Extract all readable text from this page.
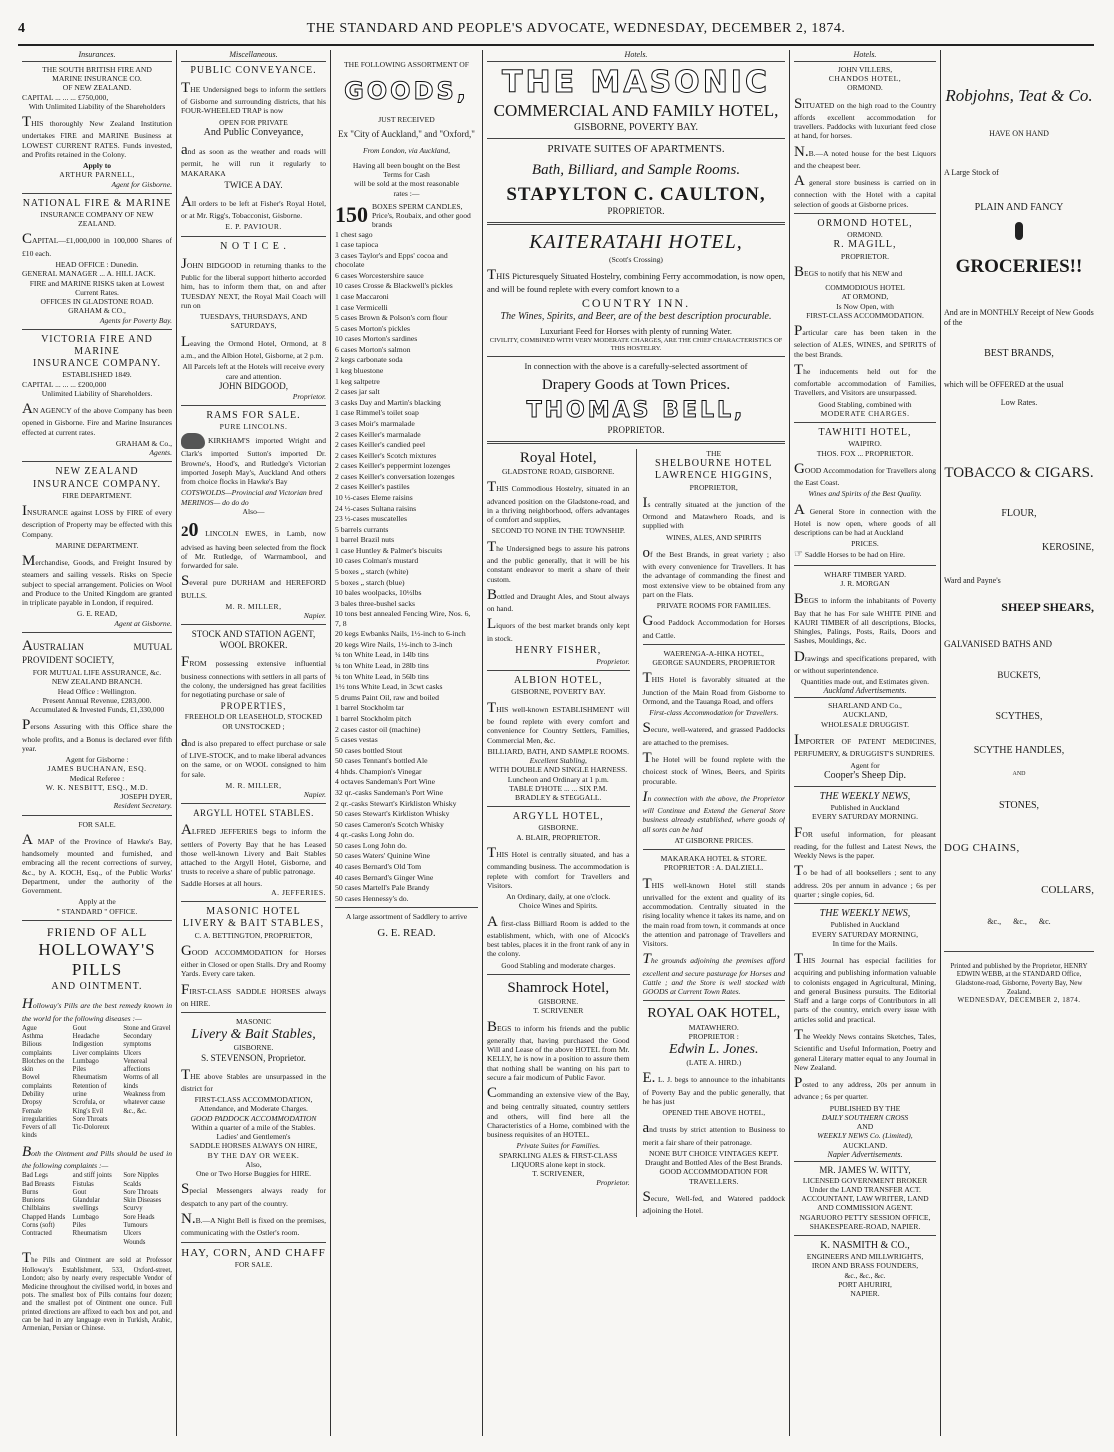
4	THE STANDARD AND PEOPLE'S ADVOCATE, WEDNESDAY, DECEMBER 2, 1874.
Insurances.
THE SOUTH BRITISH FIRE AND
MARINE INSURANCE CO.
OF NEW ZEALAND.
CAPITAL ... ... ... £750,000,
With Unlimited Liability of the Shareholders
THIS thoroughly New Zealand Institution undertakes FIRE and MARINE Business at LOWEST CURRENT RATES. Funds invested, and Profits retained in the Colony.
Apply to
ARTHUR PARNELL,
Agent for Gisborne.
NATIONAL FIRE & MARINE
INSURANCE COMPANY OF NEW ZEALAND.
CAPITAL—£1,000,000 in 100,000 Shares of £10 each.
HEAD OFFICE : Dunedin.
GENERAL MANAGER ... A. HILL JACK.
FIRE and MARINE RISKS taken at Lowest Current Rates.
OFFICES IN GLADSTONE ROAD.
GRAHAM & CO.,
Agents for Poverty Bay.
VICTORIA FIRE AND MARINE
INSURANCE COMPANY.
ESTABLISHED 1849.
CAPITAL ... ... ... £200,000
Unlimited Liability of Shareholders.
AN AGENCY of the above Company has been opened in Gisborne. Fire and Marine Insurances effected at current rates.
GRAHAM & Co.,
Agents.
NEW ZEALAND
INSURANCE COMPANY.
FIRE DEPARTMENT.
INSURANCE against LOSS by FIRE of every description of Property may be effected with this Company.
MARINE DEPARTMENT.
Merchandise, Goods, and Freight Insured by steamers and sailing vessels. Risks on Specie subject to special arrangement. Policies on Wool and Produce to the United Kingdom are granted in triplicate payable in London, if required.
G. E. READ,
Agent at Gisborne.
AUSTRALIAN MUTUAL PROVIDENT SOCIETY,
FOR MUTUAL LIFE ASSURANCE, &c.
NEW ZEALAND BRANCH.
Head Office : Wellington.
Present Annual Revenue, £283,000.
Accumulated & Invested Funds, £1,330,000
Persons Assuring with this Office share the whole profits, and a Bonus is declared ever fifth year.
Agent for Gisborne :
JAMES BUCHANAN, ESQ.
Medical Referee :
W. K. NESBITT, ESQ., M.D.
JOSEPH DYER,
Resident Secretary.
FOR SALE.
A MAP of the Province of Hawke's Bay, handsomely mounted and furnished, and embracing all the recent corrections of survey, &c., by A. KOCH, Esq., of the Public Works' Department, under the authority of the Government.
Apply at the
" STANDARD " OFFICE.
FRIEND OF ALL
HOLLOWAY'S PILLS
AND OINTMENT.
Holloway's Pills are the best remedy known in the world for the following diseases :—
Ague
Asthma
Bilious complaints
Blotches on the skin
Bowel complaints
Debility
Dropsy
Female irregularities
Fevers of all kinds
Gout
Headache
Indigestion
Liver complaints
Lumbago
Piles
Rheumatism
Retention of urine
Scrofula, or King's Evil
Sore Throats
Tic-Doloreux
Stone and Gravel
Secondary symptoms
Ulcers
Venereal affections
Worms of all kinds
Weakness from whatever cause
&c., &c.
Both the Ointment and Pills should be used in the following complaints :—
Bad Legs
Bad Breasts
Burns
Bunions
Chilblains
Chapped Hands
Corns (soft)
Contracted
and stiff joints
Fistulas
Gout
Glandular swellings
Lumbago
Piles
Rheumatism
Sore Nipples
Scalds
Sore Throats
Skin Diseases
Scurvy
Sore Heads
Tumours
Ulcers
Wounds
The Pills and Ointment are sold at Professor Holloway's Establishment, 533, Oxford-street, London; also by nearly every respectable Vendor of Medicine throughout the civilised world, in boxes and pots. The smallest box of Pills contains four dozen; and the smallest pot of Ointment one ounce. Full printed directions are affixed to each box and pot, and can be had in any language even in Turkish, Arabic, Armenian, Persian or Chinese.
Miscellaneous.
PUBLIC CONVEYANCE.
THE Undersigned begs to inform the settlers of Gisborne and surrounding districts, that his FOUR-WHEELED TRAP is now
OPEN FOR PRIVATE
And Public Conveyance,
and as soon as the weather and roads will permit, he will run it regularly to MAKARAKA
TWICE A DAY.
All orders to be left at Fisher's Royal Hotel, or at Mr. Rigg's, Tobacconist, Gisborne.
E. P. PAVIOUR.
N O T I C E .
JOHN BIDGOOD in returning thanks to the Public for the liberal support hitherto accorded him, has to inform them that, on and after TUESDAY NEXT, the Royal Mail Coach will run on
TUESDAYS, THURSDAYS, AND SATURDAYS,
Leaving the Ormond Hotel, Ormond, at 8 a.m., and the Albion Hotel, Gisborne, at 2 p.m.
All Parcels left at the Hotels will receive every care and attention.
JOHN BIDGOOD,
Proprietor.
RAMS FOR SALE.
PURE LINCOLNS.
KIRKHAM'S imported Wright and Clark's imported Sutton's imported Dr. Browne's, Hood's, and Rutledge's Victorian imported Joseph May's, Auckland And others from choice flocks in Hawke's Bay
COTSWOLDS—Provincial and Victorian bred
MERINOS— do do do
Also—
20 LINCOLN EWES, in Lamb, now advised as having been selected from the flock of Mr. Rutledge, of Warrnambool, and forwarded for sale.
Several pure DURHAM and HEREFORD BULLS.
M. R. MILLER,
Napier.
STOCK AND STATION AGENT, WOOL BROKER.
FROM possessing extensive influential business connections with settlers in all parts of the colony, the undersigned has great facilities for negotiating purchase or sale of
PROPERTIES,
FREEHOLD OR LEASEHOLD, STOCKED OR UNSTOCKED ;
and is also prepared to effect purchase or sale of LIVE-STOCK, and to make liberal advances on the same, or on WOOL consigned to him for sale.
M. R. MILLER,
Napier.
ARGYLL HOTEL STABLES.
ALFRED JEFFERIES begs to inform the settlers of Poverty Bay that he has Leased those well-known Livery and Bait Stables attached to the Argyll Hotel, Gisborne, and trusts to receive a share of public patronage.
Saddle Horses at all hours.
A. JEFFERIES.
MASONIC HOTEL
LIVERY & BAIT STABLES,
C. A. BETTINGTON, PROPRIETOR,
GOOD ACCOMMODATION for Horses either in Closed or open Stalls. Dry and Roomy Yards. Every care taken.
FIRST-CLASS SADDLE HORSES always on HIRE.
MASONIC
Livery & Bait Stables,
GISBORNE.
S. STEVENSON, Proprietor.
THE above Stables are unsurpassed in the district for
FIRST-CLASS ACCOMMODATION,
Attendance, and Moderate Charges.
GOOD PADDOCK ACCOMMODATION
Within a quarter of a mile of the Stables.
Ladies' and Gentlemen's
SADDLE HORSES ALWAYS ON HIRE,
BY THE DAY OR WEEK.
Also,
One or Two Horse Buggies for HIRE.
Special Messengers always ready for despatch to any part of the country.
N.B.—A Night Bell is fixed on the premises, communicating with the Ostler's room.
HAY, CORN, AND CHAFF
FOR SALE.
THE FOLLOWING ASSORTMENT OF
GOODS,
JUST RECEIVED
Ex "City of Auckland," and "Oxford,"
From London, via Auckland,
Having all been bought on the Best
Terms for Cash
will be sold at the most reasonable
rates :—
150 BOXES SPERM CANDLES,
Price's, Roubaix, and other good brands
1 chest sago
1 case tapioca
3 cases Taylor's and Epps' cocoa and chocolate
6 cases Worcestershire sauce
10 cases Crosse & Blackwell's pickles
1 case Maccaroni
1 case Vermicelli
5 cases Brown & Polson's corn flour
5 cases Morton's pickles
10 cases Morton's sardines
6 cases Morton's salmon
2 kegs carbonate soda
1 keg bluestone
1 keg saltpetre
2 cases jar salt
3 casks Day and Martin's blacking
1 case Rimmel's toilet soap
3 cases Moir's marmalade
2 cases Keiller's marmalade
2 cases Keiller's candied peel
2 cases Keiller's Scotch mixtures
2 cases Keiller's peppermint lozenges
2 cases Keiller's conversation lozenges
2 cases Keiller's pastiles
10 ½-cases Eleme raisins
24 ½-cases Sultana raisins
23 ½-cases muscatelles
5 barrels currants
1 barrel Brazil nuts
1 case Huntley & Palmer's biscuits
10 cases Colman's mustard
5 boxes „ starch (white)
5 boxes „ starch (blue)
10 bales woolpacks, 10½lbs
3 bales three-bushel sacks
10 tons best annealed Fencing Wire, Nos. 6, 7, 8
20 kegs Ewbanks Nails, 1½-inch to 6-inch
20 kegs Wire Nails, 1½-inch to 3-inch
¼ ton White Lead, in 14lb tins
¼ ton White Lead, in 28lb tins
¼ ton White Lead, in 56lb tins
1½ tons White Lead, in 3cwt casks
5 drums Paint Oil, raw and boiled
1 barrel Stockholm tar
1 barrel Stockholm pitch
2 cases castor oil (machine)
5 cases vestas
50 cases bottled Stout
50 cases Tennant's bottled Ale
4 hhds. Champion's Vinegar
4 octaves Sandeman's Port Wine
32 qr.-casks Sandeman's Port Wine
2 qr.-casks Stewart's Kirkliston Whisky
50 cases Stewart's Kirkliston Whisky
50 cases Cameron's Scotch Whisky
4 qr.-casks Long John do.
50 cases Long John do.
50 cases Waters' Quinine Wine
40 cases Bernard's Old Tom
40 cases Bernard's Ginger Wine
50 cases Martell's Pale Brandy
50 cases Hennessy's do.
A large assortment of Saddlery to arrive
G. E. READ.
Hotels.
THE MASONIC
COMMERCIAL AND FAMILY HOTEL,
GISBORNE, POVERTY BAY.
PRIVATE SUITES OF APARTMENTS.
Bath, Billiard, and Sample Rooms.
STAPYLTON C. CAULTON,
PROPRIETOR.
KAITERATAHI HOTEL,
(Scott's Crossing)
THIS Picturesquely Situated Hostelry, combining Ferry accommodation, is now open, and will be found replete with every comfort known to a
COUNTRY INN.
The Wines, Spirits, and Beer, are of the best description procurable.
Luxuriant Feed for Horses with plenty of running Water.
CIVILITY, COMBINED WITH VERY MODERATE CHARGES, ARE THE CHIEF CHARACTERISTICS OF THIS HOSTELRY.
In connection with the above is a carefully-selected assortment of
Drapery Goods at Town Prices.
THOMAS BELL,
PROPRIETOR.
Royal Hotel,
GLADSTONE ROAD, GISBORNE.
THIS Commodious Hostelry, situated in an advanced position on the Gladstone-road, and in a thriving neighborhood, offers advantages of comfort and supplies,
SECOND TO NONE IN THE TOWNSHIP.
The Undersigned begs to assure his patrons and the public generally, that it will be his constant endeavor to merit a share of their custom.
Bottled and Draught Ales, and Stout always on hand.
Liquors of the best market brands only kept in stock.
HENRY FISHER,
Proprietor.
ALBION HOTEL,
GISBORNE, POVERTY BAY.
THIS well-known ESTABLISHMENT will be found replete with every comfort and convenience for Country Settlers, Families, Commercial Men, &c.
BILLIARD, BATH, AND SAMPLE ROOMS.
Excellent Stabling,
WITH DOUBLE AND SINGLE HARNESS.
Luncheon and Ordinary at 1 p.m.
TABLE D'HOTE ... ... SIX P.M.
BRADLEY & STEGGALL.
ARGYLL HOTEL,
GISBORNE.
A. BLAIR, PROPRIETOR.
THIS Hotel is centrally situated, and has a commanding business. The accommodation is replete with comfort for Travellers and Visitors.
An Ordinary, daily, at one o'clock.
Choice Wines and Spirits.
A first-class Billiard Room is added to the establishment, which, with one of Alcock's best tables, places it in the front rank of any in the colony.
Good Stabling and moderate charges.
Shamrock Hotel,
GISBORNE.
T. SCRIVENER
BEGS to inform his friends and the public generally that, having purchased the Good Will and Lease of the above HOTEL from Mr. KELLY, he is now in a position to assure them that nothing shall be wanting on his part to secure a fair modicum of Public Favor.
Commanding an extensive view of the Bay, and being centrally situated, country settlers and others, will find here all the Characteristics of a Home, combined with the business requisites of an HOTEL.
Private Suites for Families.
SPARKLING ALES & FIRST-CLASS LIQUORS alone kept in stock.
T. SCRIVENER,
Proprietor.
THE
SHELBOURNE HOTEL
LAWRENCE HIGGINS,
PROPRIETOR,
Is centrally situated at the junction of the Ormond and Matawhero Roads, and is supplied with
WINES, ALES, AND SPIRITS
of the Best Brands, in great variety ; also with every convenience for Travellers. It has the advantage of commanding the finest and most extensive view to be obtained from any part on the Flats.
PRIVATE ROOMS FOR FAMILIES.
Good Paddock Accommodation for Horses and Cattle.
WAERENGA-A-HIKA HOTEL,
GEORGE SAUNDERS, PROPRIETOR
THIS Hotel is favorably situated at the Junction of the Main Road from Gisborne to Ormond, and the Tauanga Road, and offers
First-class Accommodation for Travellers.
Secure, well-watered, and grassed Paddocks are attached to the premises.
The Hotel will be found replete with the choicest stock of Wines, Beers, and Spirits procurable.
In connection with the above, the Proprietor will Continue and Extend the General Store business already established, where goods of all sorts can be had
AT GISBORNE PRICES.
MAKARAKA HOTEL & STORE.
PROPRIETOR : A. DALZIELL.
THIS well-known Hotel still stands unrivalled for the extent and quality of its accommodation. Centrally situated in the rising locality whence it takes its name, and on the main road from town, it commands at once the attention and patronage of Travellers and Visitors.
The grounds adjoining the premises afford excellent and secure pasturage for Horses and Cattle ; and the Store is well stocked with GOODS at Current Town Rates.
ROYAL OAK HOTEL,
MATAWHERO.
PROPRIETOR :
Edwin L. Jones.
(LATE A. HIRD.)
E. L. J. begs to announce to the inhabitants of Poverty Bay and the public generally, that he has just
OPENED THE ABOVE HOTEL,
and trusts by strict attention to Business to merit a fair share of their patronage.
NONE BUT CHOICE VINTAGES KEPT.
Draught and Bottled Ales of the Best Brands.
GOOD ACCOMMODATION FOR TRAVELLERS.
Secure, Well-fed, and Watered paddock adjoining the Hotel.
Hotels.
JOHN VILLERS,
CHANDOS HOTEL,
ORMOND.
SITUATED on the high road to the Country affords excellent accommodation for travellers. Paddocks with luxuriant feed close at hand, for horses.
N.B.—A noted house for the best Liquors and the cheapest beer.
A general store business is carried on in connection with the Hotel with a capital selection of goods at Gisborne prices.
ORMOND HOTEL,
ORMOND.
R. MAGILL,
PROPRIETOR.
BEGS to notify that his NEW and
COMMODIOUS HOTEL
AT ORMOND,
Is Now Open, with
FIRST-CLASS ACCOMMODATION.
Particular care has been taken in the selection of ALES, WINES, and SPIRITS of the best Brands.
The inducements held out for the comfortable accommodation of Families, Travellers, and Visitors are unsurpassed.
Good Stabling, combined with
MODERATE CHARGES.
TAWHITI HOTEL,
WAIPIRO.
THOS. FOX ... PROPRIETOR.
GOOD Accommodation for Travellers along the East Coast.
Wines and Spirits of the Best Quality.
A General Store in connection with the Hotel is now open, where goods of all descriptions can be had at Auckland
PRICES.
☞ Saddle Horses to be had on Hire.
WHARF TIMBER YARD.
J. R. MORGAN
BEGS to inform the inhabitants of Poverty Bay that he has For sale WHITE PINE and KAURI TIMBER of all descriptions, Blocks, Shingles, Palings, Posts, Rails, Doors and Sashes, Mouldings, &c.
Drawings and specifications prepared, with or without superintendence.
Quantities made out, and Estimates given.
Auckland Advertisements.
SHARLAND AND Co.,
AUCKLAND,
WHOLESALE DRUGGIST.
IMPORTER OF PATENT MEDICINES, PERFUMERY, & DRUGGIST'S SUNDRIES.
Agent for
Cooper's Sheep Dip.
THE WEEKLY NEWS,
Published in Auckland
EVERY SATURDAY MORNING.
FOR useful information, for pleasant reading, for the fullest and Latest News, the Weekly News is the paper.
To be had of all booksellers ; sent to any address. 20s per annum in advance ; 6s per quarter ; single copies, 6d.
THE WEEKLY NEWS,
Published in Auckland
EVERY SATURDAY MORNING,
In time for the Mails.
THIS Journal has especial facilities for acquiring and publishing information valuable to colonists engaged in Agricultural, Mining, and general Business pursuits. The Editorial Staff and a large corps of Contributors in all parts of the country, enrich every issue with articles solid and practical.
The Weekly News contains Sketches, Tales, Scientific and Useful Information, Poetry and general Literary matter equal to any Journal in New Zealand.
Posted to any address, 20s per annum in advance ; 6s per quarter.
PUBLISHED BY THE
DAILY SOUTHERN CROSS
AND
WEEKLY NEWS Co. (Limited),
AUCKLAND.
Napier Advertisements.
MR. JAMES W. WITTY,
LICENSED GOVERNMENT BROKER
Under the LAND TRANSFER ACT.
ACCOUNTANT, LAW WRITER, LAND AND COMMISSION AGENT.
NGARUORO PETTY SESSION OFFICE,
SHAKESPEARE-ROAD, NAPIER.
K. NASMITH & CO.,
ENGINEERS AND MILLWRIGHTS,
IRON AND BRASS FOUNDERS,
&c., &c., &c.
PORT AHURIRI,
NAPIER.
Robjohns, Teat & Co.
HAVE ON HAND
A Large Stock of
PLAIN AND FANCY
GROCERIES!!
And are in MONTHLY Receipt of New Goods of the
BEST BRANDS,
which will be OFFERED at the usual
Low Rates.
TOBACCO & CIGARS.
FLOUR,
KEROSINE,
Ward and Payne's
SHEEP SHEARS,
GALVANISED BATHS AND
BUCKETS,
SCYTHES,
SCYTHE HANDLES,
AND
STONES,
DOG CHAINS,
COLLARS,
&c.,      &c.,      &c.
Printed and published by the Proprietor, HENRY EDWIN WEBB, at the STANDARD Office, Gladstone-road, Gisborne, Poverty Bay, New Zealand.
WEDNESDAY, DECEMBER 2, 1874.
